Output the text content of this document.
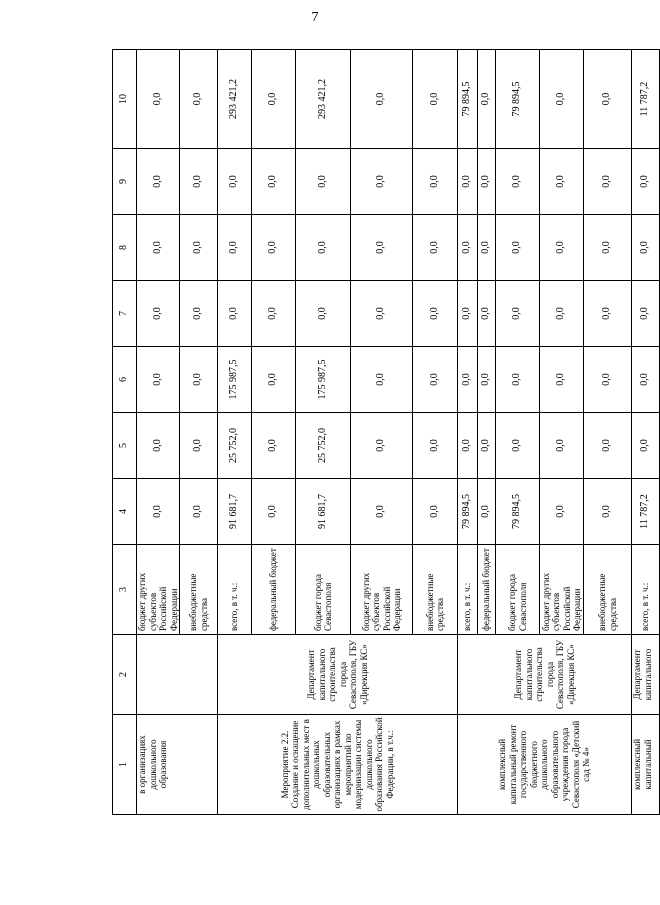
7
1	2	3	4	5	6	7	8	9	10
в организациях дошкольного образования		бюджет других субъектов Российской Федерации	0,0	0,0	0,0	0,0	0,0	0,0	0,0
		внебюджетные средства	0,0	0,0	0,0	0,0	0,0	0,0	0,0
Мероприятие 2.2. Создание и оснащение дополнительных мест в дошкольных образовательных организациях в рамках мероприятий по модернизации системы дошкольного образования Российской Федерации, в т.ч.:	Департамент капитального строительства города Севастополя, ГБУ «Дирекция КС»	всего, в т. ч.:	91 681,7	25 752,0	175 987,5	0,0	0,0	0,0	293 421,2
		федеральный бюджет	0,0	0,0	0,0	0,0	0,0	0,0	0,0
		бюджет города Севастополя	91 681,7	25 752,0	175 987,5	0,0	0,0	0,0	293 421,2
		бюджет других субъектов Российской Федерации	0,0	0,0	0,0	0,0	0,0	0,0	0,0
		внебюджетные средства	0,0	0,0	0,0	0,0	0,0	0,0	0,0
комплексный капитальный ремонт государственного бюджетного дошкольного образовательного учреждения города Севастополя «Детский сад № 4»	Департамент капитального строительства города Севастополя, ГБУ «Дирекция КС»	всего, в т. ч.:	79 894,5	0,0	0,0	0,0	0,0	0,0	79 894,5
		федеральный бюджет	0,0	0,0	0,0	0,0	0,0	0,0	0,0
		бюджет города Севастополя	79 894,5	0,0	0,0	0,0	0,0	0,0	79 894,5
		бюджет других субъектов Российской Федерации	0,0	0,0	0,0	0,0	0,0	0,0	0,0
		внебюджетные средства	0,0	0,0	0,0	0,0	0,0	0,0	0,0
комплексный капитальный	Департамент капитального	всего, в т. ч.:	11 787,2	0,0	0,0	0,0	0,0	0,0	11 787,2
